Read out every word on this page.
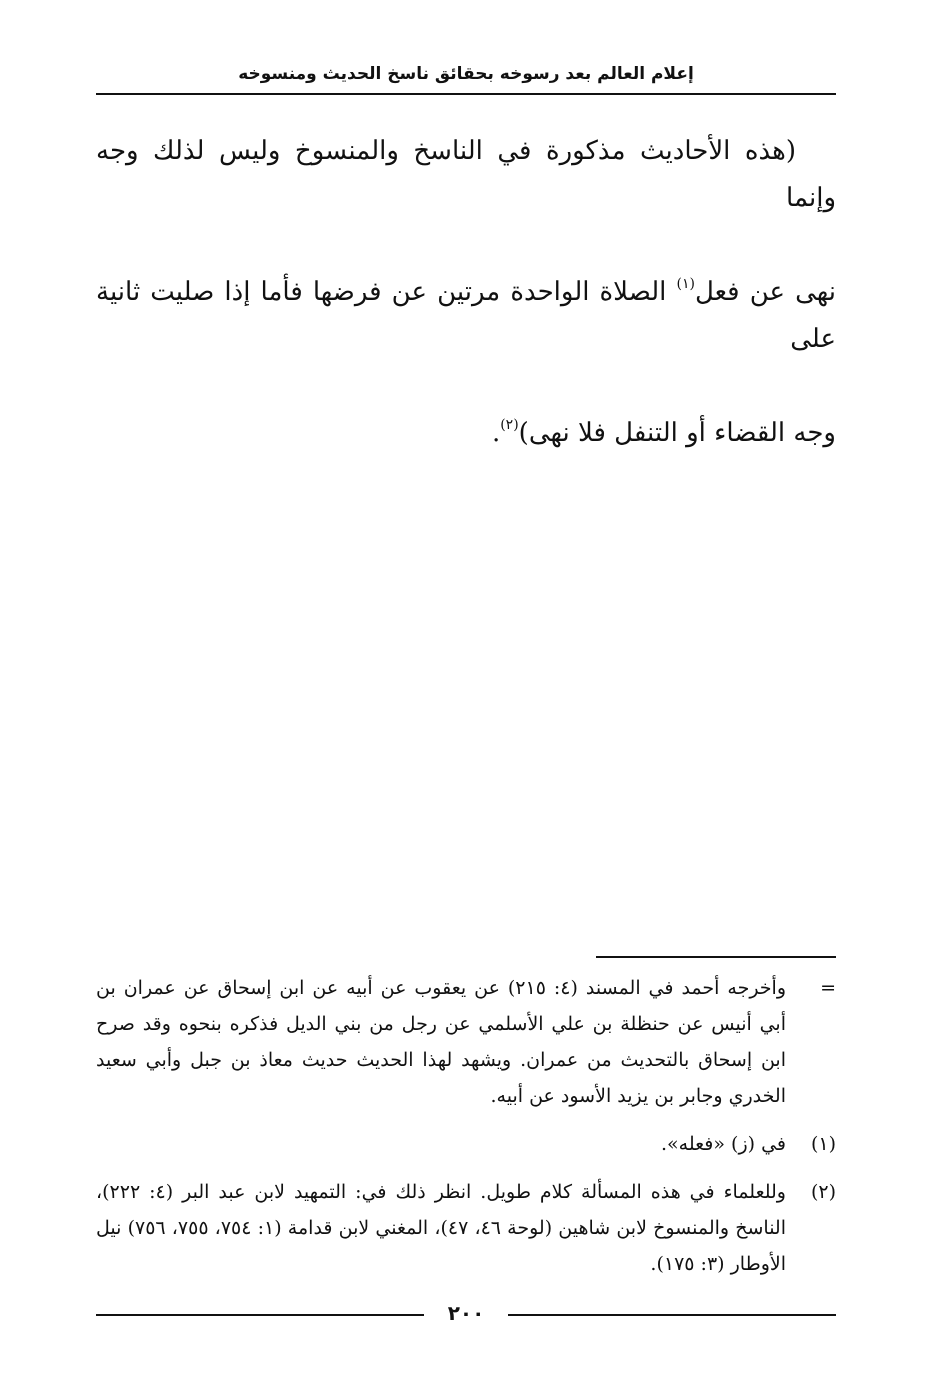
إعلام العالم بعد رسوخه بحقائق ناسخ الحديث ومنسوخه

(هذه الأحاديث مذكورة في الناسخ والمنسوخ وليس لذلك وجه وإنما

نهى عن فعل$^{(١)}$ الصلاة الواحدة مرتين عن فرضها فأما إذا صليت ثانية على

وجه القضاء أو التنفل فلا نهى)$^{(٢)}$.
=
وأخرجه أحمد في المسند (٤: ٢١٥) عن يعقوب عن أبيه عن ابن إسحاق عن عمران بن أبي أنيس عن حنظلة بن علي الأسلمي عن رجل من بني الديل فذكره بنحوه وقد صرح ابن إسحاق بالتحديث من عمران. ويشهد لهذا الحديث حديث معاذ بن جبل وأبي سعيد الخدري وجابر بن يزيد الأسود عن أبيه.
(١)
في (ز) «فعله».
(٢)
وللعلماء في هذه المسألة كلام طويل. انظر ذلك في: التمهيد لابن عبد البر (٤: ٢٢٢)، الناسخ والمنسوخ لابن شاهين (لوحة ٤٦، ٤٧)، المغني لابن قدامة (١: ٧٥٤، ٧٥٥، ٧٥٦) نيل الأوطار (٣: ١٧٥).
٢٠٠
